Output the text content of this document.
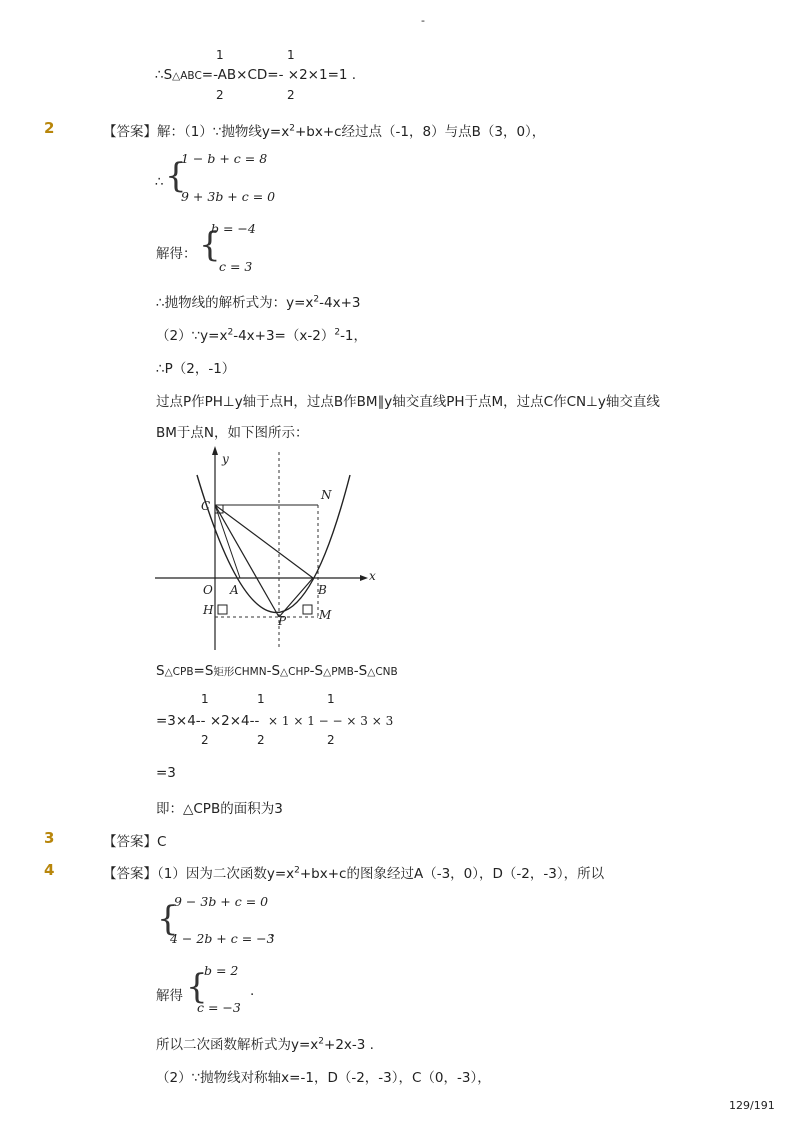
-
1	1
∴S△ABC=-AB×CD=- ×2×1=1 .
2	2
2	【答案】解：（1）∵抛物线$y=x^2+bx+c$经过点（-1，8）与点B（3，0），
∴ {
1 − b + c = 8
9 + 3b + c = 0
解得： {
b = −4
c = 3
∴抛物线的解析式为：$y=x^2-4x+3$
$(2)\because y=x^2-4x+3=(x-2)^2-1$，
∴P（2，-1）
过点P作PH⊥y轴于点H，过点B作BM∥y轴交直线PH于点M，过点C作CN⊥y轴交直线
BM于点N，如下图所示：
y
x
C
N
O A	B
H
P	M
S△CPB=S矩形CHMN-S△CHP-S△PMB-S△CNB
1	1	1
=3×4-- ×2×4-- × 1 × 1 − − × 3 × 3
2	2	2
=3
即：△CPB的面积为3
3	【答案】C
4	【答案】（1）因为二次函数$y=x^2+bx+c$的图象经过A（-3，0），D（-2，-3），所以
{
9 − 3b + c = 0
4 − 2b + c = −3
，
解得 {
b = 2
c = −3
.
所以二次函数解析式为$y=x^2+2x-3$ .
（2）∵抛物线对称轴x=-1，D（-2，-3），C（0，-3），
129/191
